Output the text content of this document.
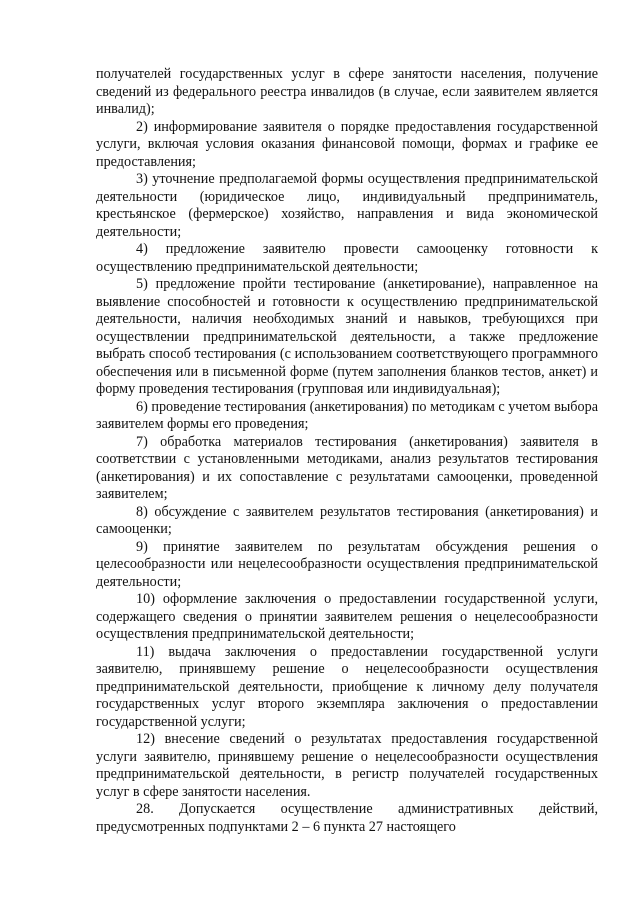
получателей государственных услуг в сфере занятости населения, получение сведений из федерального реестра инвалидов (в случае, если заявителем является инвалид);

2) информирование заявителя о порядке предоставления государственной услуги, включая условия оказания финансовой помощи, формах и графике ее предоставления;

3) уточнение предполагаемой формы осуществления предпринимательской деятельности (юридическое лицо, индивидуальный предприниматель, крестьянское (фермерское) хозяйство, направления и вида экономической деятельности;

4) предложение заявителю провести самооценку готовности к осуществлению предпринимательской деятельности;

5) предложение пройти тестирование (анкетирование), направленное на выявление способностей и готовности к осуществлению предпринимательской деятельности, наличия необходимых знаний и навыков, требующихся при осуществлении предпринимательской деятельности, а также предложение выбрать способ тестирования (с использованием соответствующего программного обеспечения или в письменной форме (путем заполнения бланков тестов, анкет) и форму проведения тестирования (групповая или индивидуальная);

6) проведение тестирования (анкетирования) по методикам с учетом выбора заявителем формы его проведения;

7) обработка материалов тестирования (анкетирования) заявителя в соответствии с установленными методиками, анализ результатов тестирования (анкетирования) и их сопоставление с результатами самооценки, проведенной заявителем;

8) обсуждение с заявителем результатов тестирования (анкетирования) и самооценки;

9) принятие заявителем по результатам обсуждения решения о целесообразности или нецелесообразности осуществления предпринимательской деятельности;

10) оформление заключения о предоставлении государственной услуги, содержащего сведения о принятии заявителем решения о нецелесообразности осуществления предпринимательской деятельности;

11) выдача заключения о предоставлении государственной услуги заявителю, принявшему решение о нецелесообразности осуществления предпринимательской деятельности, приобщение к личному делу получателя государственных услуг второго экземпляра заключения о предоставлении государственной услуги;

12) внесение сведений о результатах предоставления государственной услуги заявителю, принявшему решение о нецелесообразности осуществления предпринимательской деятельности, в регистр получателей государственных услуг в сфере занятости населения.

28. Допускается осуществление административных действий, предусмотренных подпунктами 2 – 6 пункта 27 настоящего
